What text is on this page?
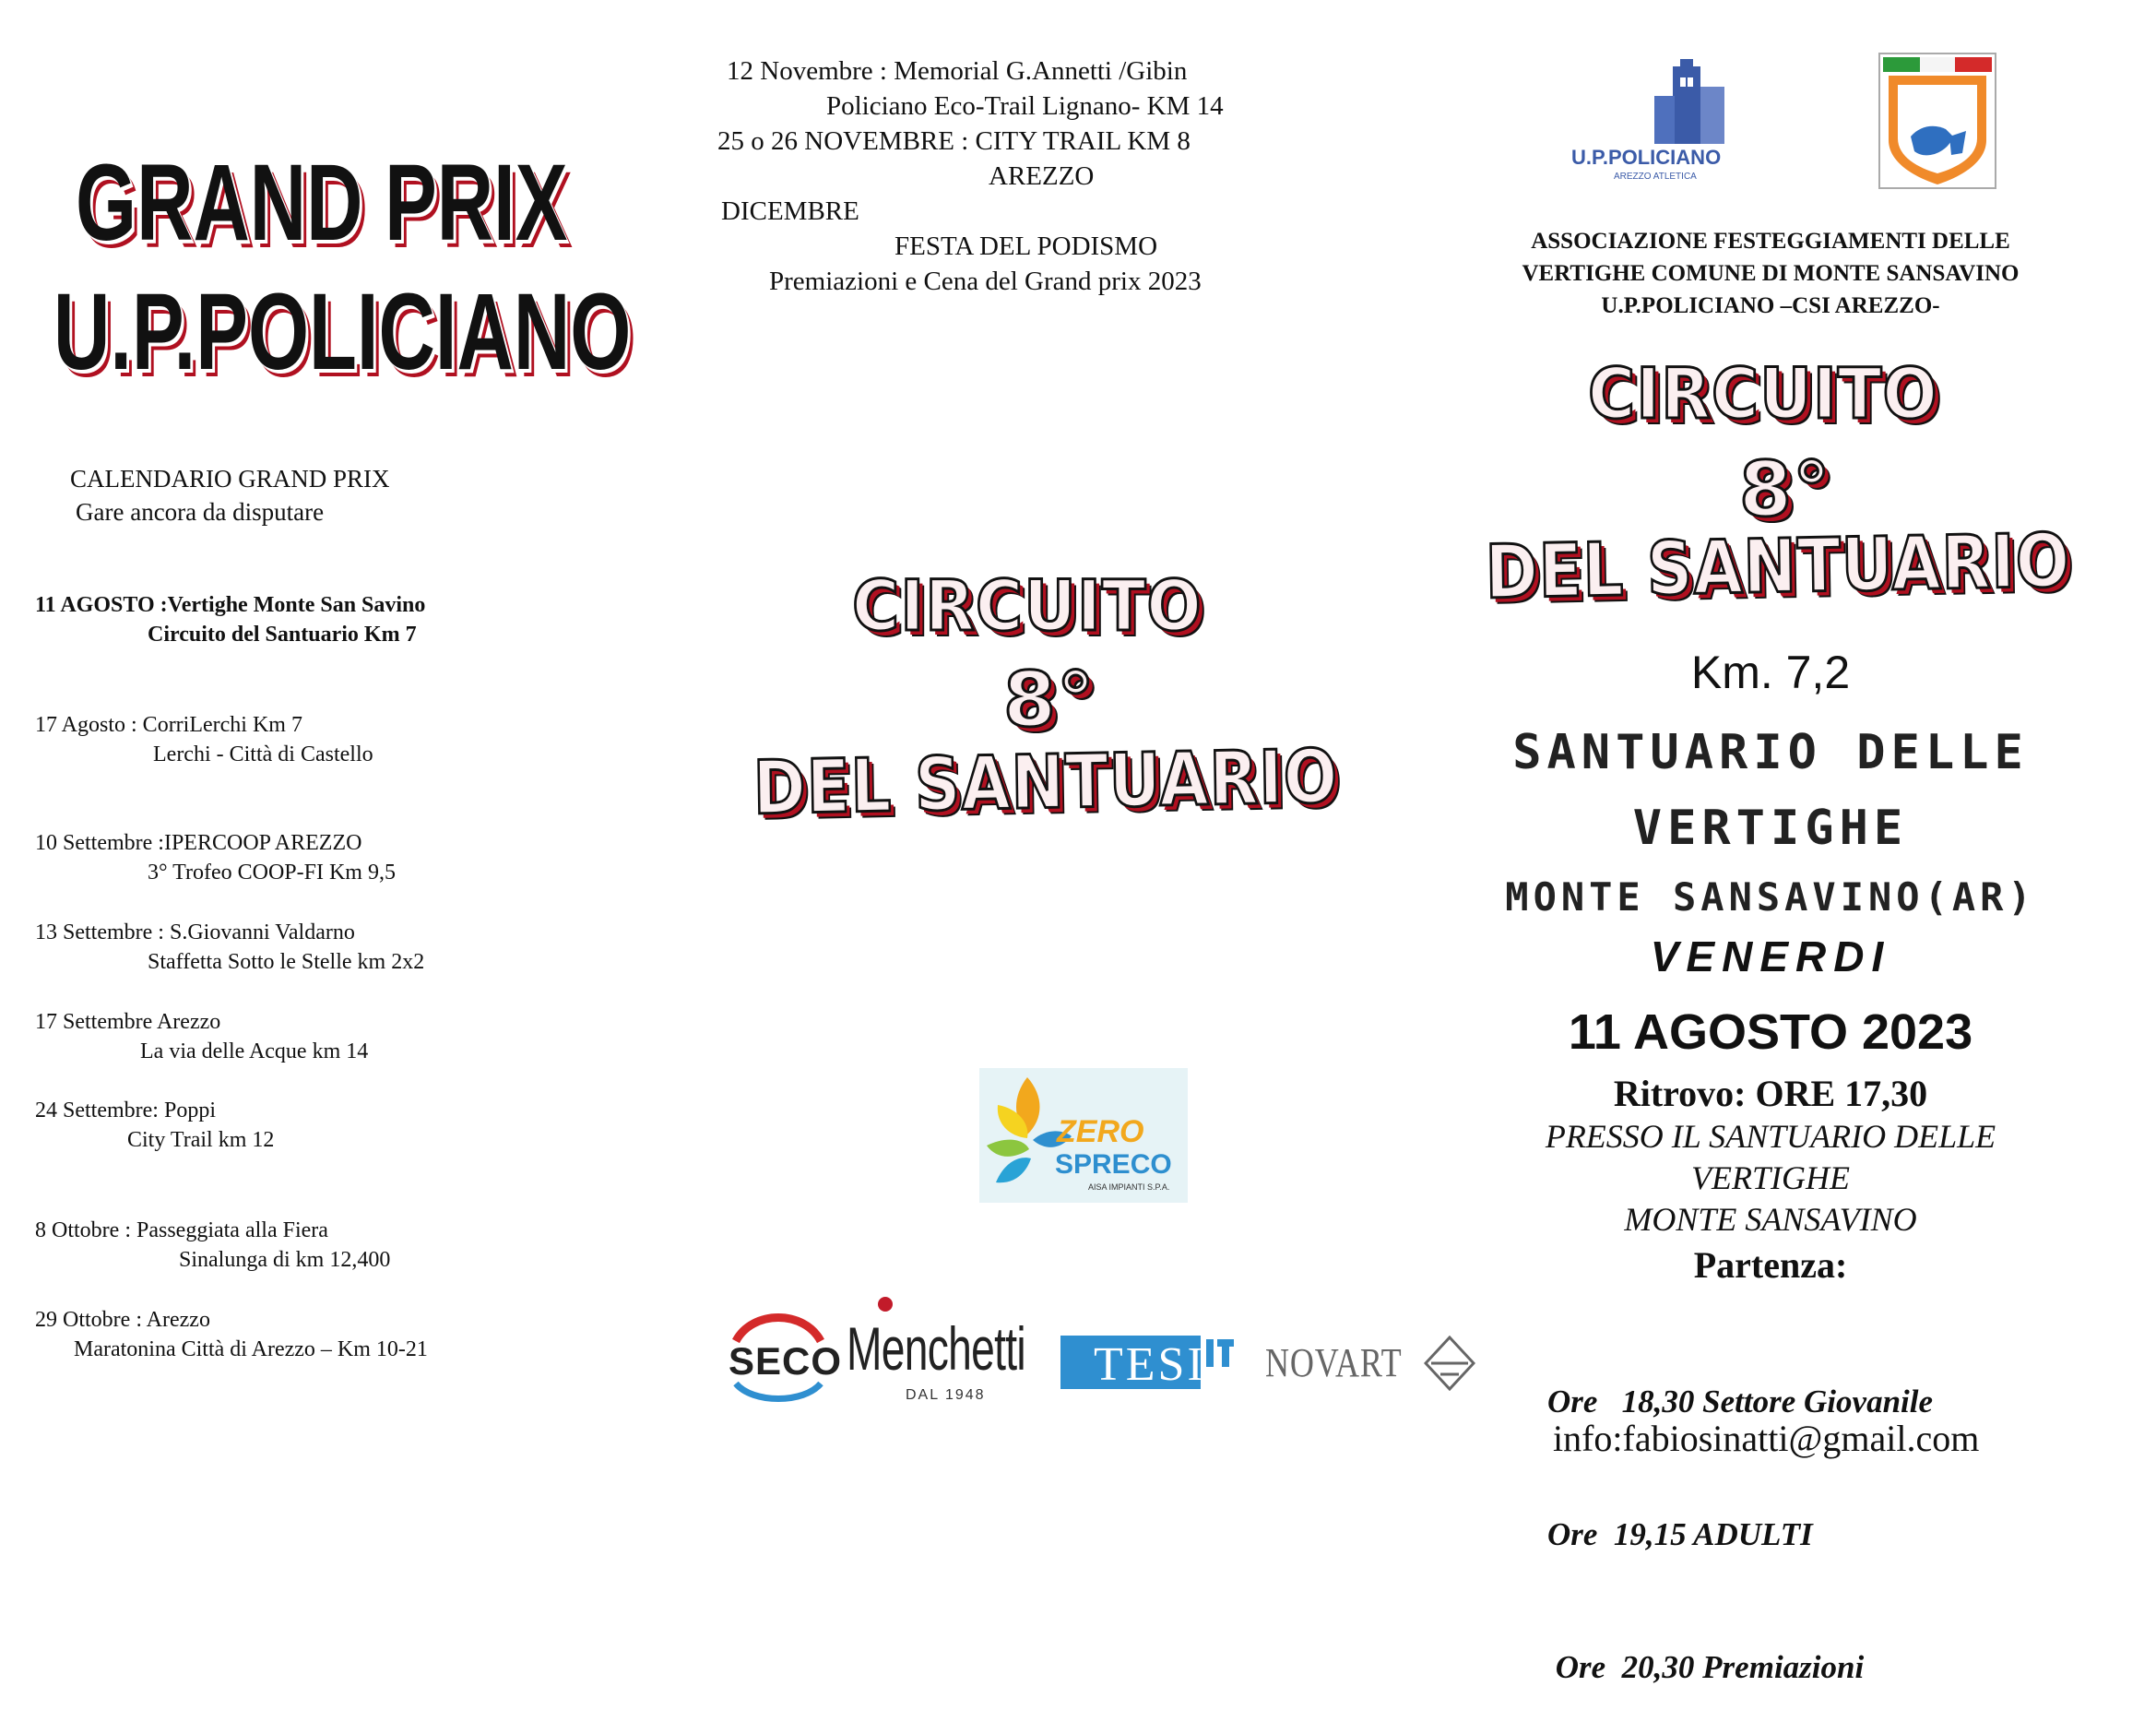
GRAND PRIX
U.P.POLICIANO
CALENDARIO GRAND PRIX
Gare ancora da disputare
11 AGOSTO :Vertighe Monte San Savino
Circuito del Santuario Km 7
17 Agosto : CorriLerchi Km 7
Lerchi - Città di Castello
10 Settembre :IPERCOOP AREZZO
3° Trofeo COOP-FI Km 9,5
13 Settembre : S.Giovanni Valdarno
Staffetta Sotto le Stelle km 2x2
17 Settembre Arezzo
La via delle Acque km 14
24 Settembre: Poppi
City Trail km 12
8 Ottobre : Passeggiata alla Fiera
Sinalunga di km 12,400
29 Ottobre : Arezzo
Maratonina Città di Arezzo – Km 10-21
12 Novembre : Memorial G.Annetti /Gibin
Policiano Eco-Trail Lignano- KM 14
25 o 26 NOVEMBRE : CITY TRAIL KM 8
AREZZO
DICEMBRE
FESTA DEL PODISMO
Premiazioni e Cena del Grand prix 2023
CIRCUITO
8°
DEL SANTUARIO
ZERO
SPRECO
AISA IMPIANTI S.P.A.
SECO Menchetti
DAL 1948
TESI NOVART
U.P.POLICIANO
AREZZO ATLETICA
ASSOCIAZIONE FESTEGGIAMENTI DELLE
VERTIGHE COMUNE DI MONTE SANSAVINO
U.P.POLICIANO –CSI AREZZO-
CIRCUITO
8°
DEL SANTUARIO
Km. 7,2
SANTUARIO DELLE
VERTIGHE
MONTE SANSAVINO(AR)
VENERDI
11 AGOSTO 2023
Ritrovo: ORE 17,30
PRESSO IL SANTUARIO DELLE
VERTIGHE
MONTE SANSAVINO
Partenza:

Ore   18,30 Settore Giovanile

Ore  19,15 ADULTI

Ore  20,30 Premiazioni

info:fabiosinatti@gmail.com
